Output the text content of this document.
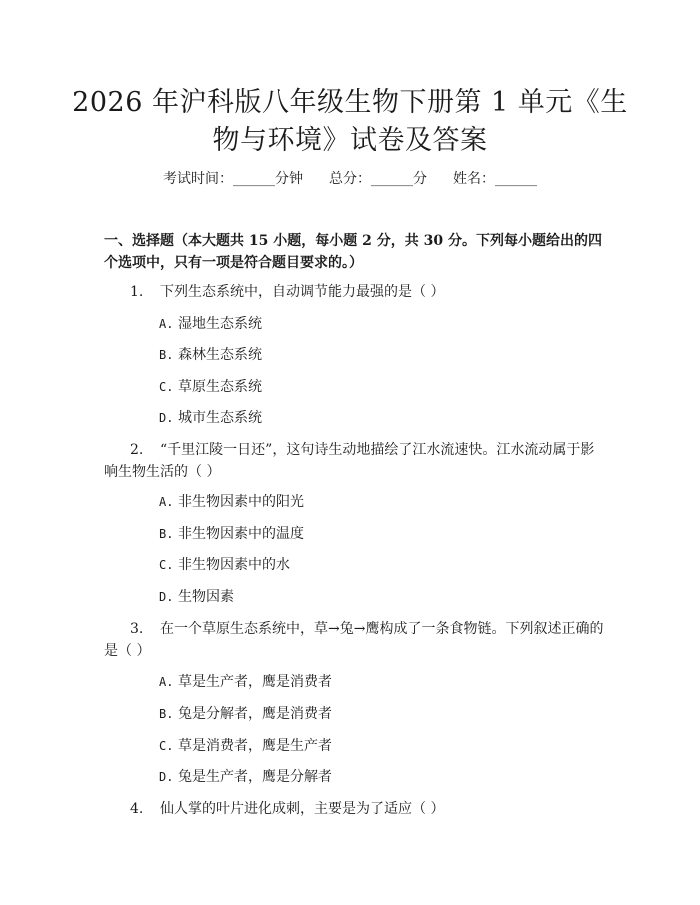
2026 年沪科版八年级生物下册第 1 单元《生
物与环境》试卷及答案
考试时间：______分钟 总分：______分 姓名：______
一、选择题（本大题共 15 小题，每小题 2 分，共 30 分。下列每小题给出的四个选项中，只有一项是符合题目要求的。）
1. 下列生态系统中，自动调节能力最强的是（ ）
A. 湿地生态系统
B. 森林生态系统
C. 草原生态系统
D. 城市生态系统
2. “千里江陵一日还”，这句诗生动地描绘了江水流速快。江水流动属于影响生物生活的（ ）
A. 非生物因素中的阳光
B. 非生物因素中的温度
C. 非生物因素中的水
D. 生物因素
3. 在一个草原生态系统中，草→兔→鹰构成了一条食物链。下列叙述正确的是（ ）
A. 草是生产者，鹰是消费者
B. 兔是分解者，鹰是消费者
C. 草是消费者，鹰是生产者
D. 兔是生产者，鹰是分解者
4. 仙人掌的叶片进化成刺，主要是为了适应（ ）
